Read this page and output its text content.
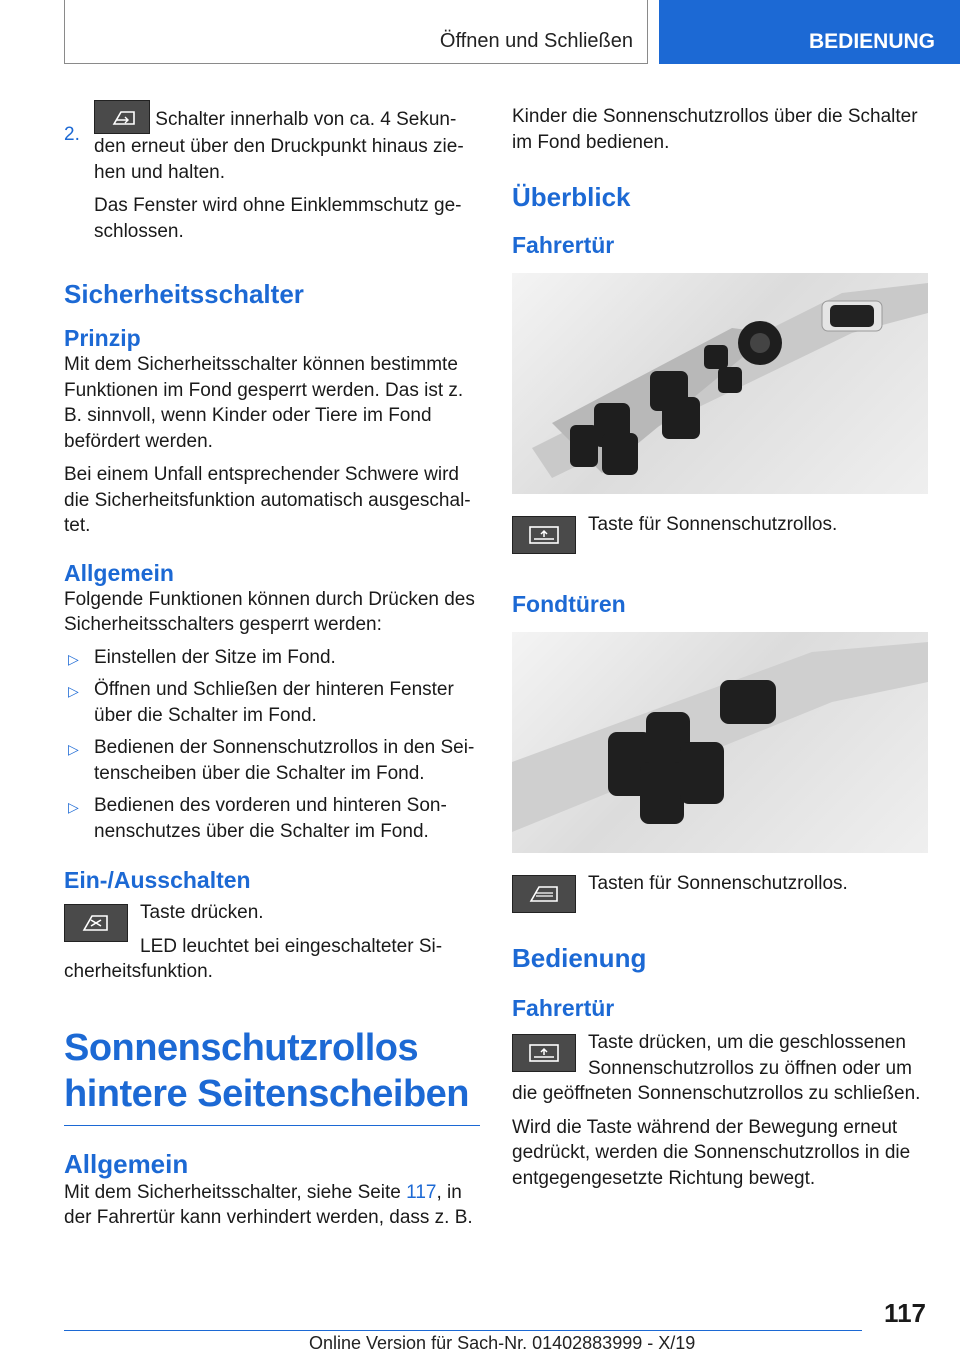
Öffnen und Schließen	BEDIENUNG
2.

Schalter innerhalb von ca. 4 Sekunden erneut über den Druckpunkt hinaus ziehen und halten.

Das Fenster wird ohne Einklemmschutz geschlossen.

Sicherheitsschalter
Prinzip

Mit dem Sicherheitsschalter können bestimmte Funktionen im Fond gesperrt werden. Das ist z. B. sinnvoll, wenn Kinder oder Tiere im Fond befördert werden.

Bei einem Unfall entsprechender Schwere wird die Sicherheitsfunktion automatisch ausgeschaltet.

Allgemein

Folgende Funktionen können durch Drücken des Sicherheitsschalters gesperrt werden:

▷ Einstellen der Sitze im Fond.
▷ Öffnen und Schließen der hinteren Fenster über die Schalter im Fond.
▷ Bedienen der Sonnenschutzrollos in den Seitenscheiben über die Schalter im Fond.
▷ Bedienen des vorderen und hinteren Sonnenschutzes über die Schalter im Fond.
Ein-/Ausschalten

Taste drücken.

LED leuchtet bei eingeschalteter Sicherheitsfunktion.

Sonnenschutzrollos hintere Seitenscheiben
Allgemein

Mit dem Sicherheitsschalter, siehe Seite 117, in der Fahrertür kann verhindert werden, dass z. B.

Kinder die Sonnenschutzrollos über die Schalter im Fond bedienen.

Überblick
Fahrertür

Taste für Sonnenschutzrollos.

Fondtüren

Tasten für Sonnenschutzrollos.

Bedienung
Fahrertür

Taste drücken, um die geschlossenen Sonnenschutzrollos zu öffnen oder um die geöffneten Sonnenschutzrollos zu schließen.

Wird die Taste während der Bewegung erneut gedrückt, werden die Sonnenschutzrollos in die entgegengesetzte Richtung bewegt.

117
Online Version für Sach-Nr. 01402883999 - X/19
